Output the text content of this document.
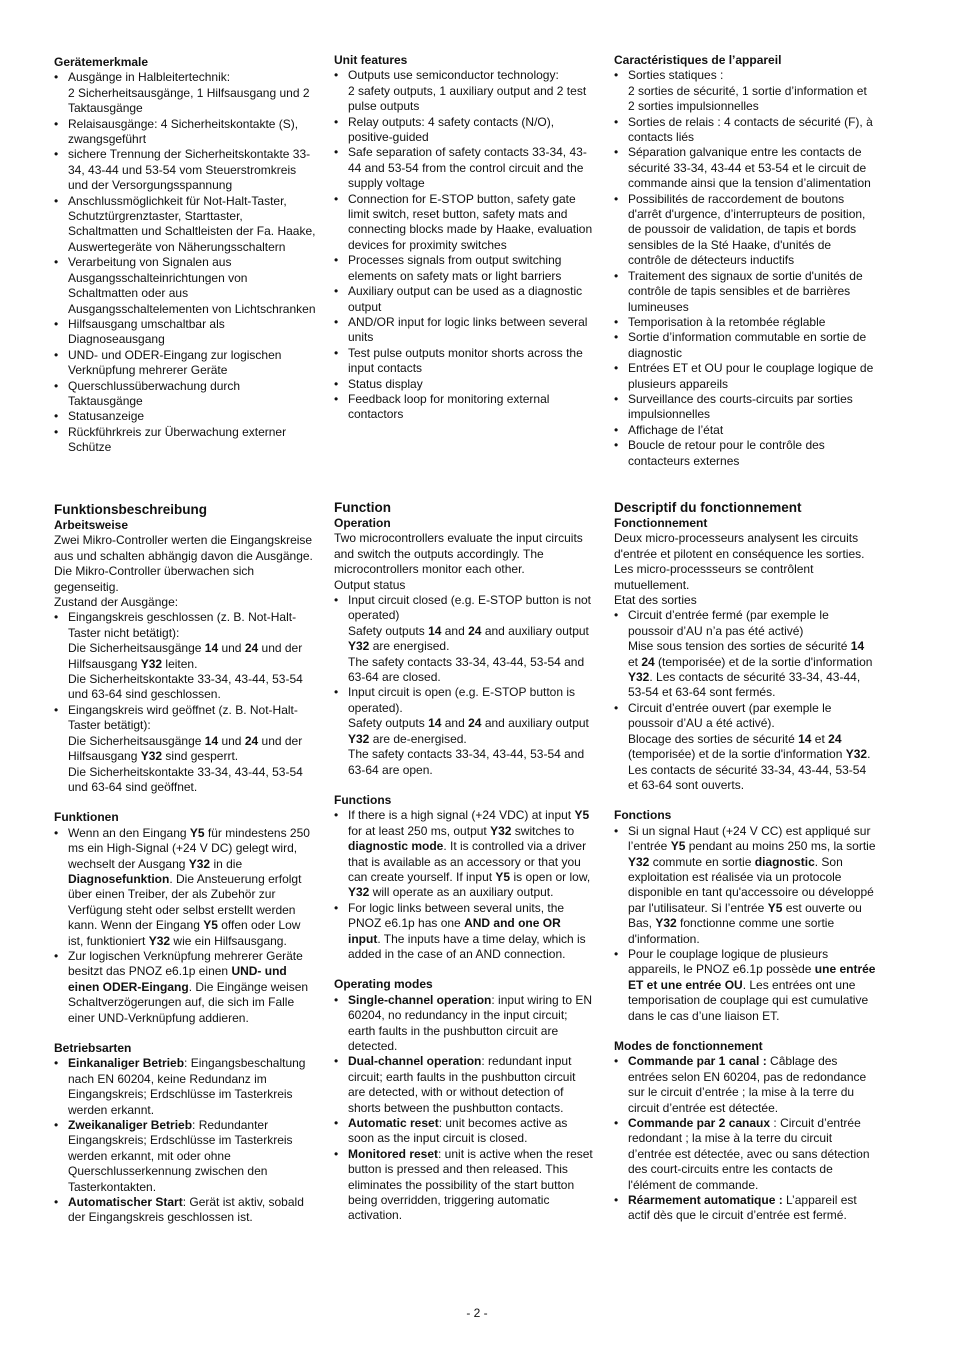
Gerätemerkmale

• Ausgänge in Halbleitertechnik:
2 Sicherheitsausgänge, 1 Hilfsausgang und 2 Taktausgänge
• Relaisausgänge: 4 Sicherheitskontakte (S), zwangsgeführt
• sichere Trennung der Sicherheitskontakte 33-34, 43-44 und 53-54 vom Steuerstromkreis und der Versorgungsspannung
• Anschlussmöglichkeit für Not-Halt-Taster, Schutztürgrenztaster, Starttaster, Schaltmatten und Schaltleisten der Fa. Haake, Auswertegeräte von Näherungsschaltern
• Verarbeitung von Signalen aus Ausgangsschalteinrichtungen von Schaltmatten oder aus Ausgangsschaltelementen von Lichtschranken
• Hilfsausgang umschaltbar als Diagnoseausgang
• UND- und ODER-Eingang zur logischen Verknüpfung mehrerer Geräte
• Querschlussüberwachung durch Taktausgänge
• Statusanzeige
• Rückführkreis zur Überwachung externer Schütze

Funktionsbeschreibung

Arbeitsweise

Zwei Mikro-Controller werten die Eingangskreise aus und schalten abhängig davon die Ausgänge. Die Mikro-Controller überwachen sich gegenseitig.

Zustand der Ausgänge:

• Eingangskreis geschlossen (z. B. Not-Halt-Taster nicht betätigt):
Die Sicherheitsausgänge 14 und 24 und der Hilfsausgang Y32 leiten.
Die Sicherheitskontakte 33-34, 43-44, 53-54 und 63-64 sind geschlossen.
• Eingangskreis wird geöffnet (z. B. Not-Halt-Taster betätigt):
Die Sicherheitsausgänge 14 und 24 und der Hilfsausgang Y32 sind gesperrt.
Die Sicherheitskontakte 33-34, 43-44, 53-54 und 63-64 sind geöffnet.

Funktionen

• Wenn an den Eingang Y5 für mindestens 250 ms ein High-Signal (+24 V DC) gelegt wird, wechselt der Ausgang Y32 in die Diagnosefunktion. Die Ansteuerung erfolgt über einen Treiber, der als Zubehör zur Verfügung steht oder selbst erstellt werden kann. Wenn der Eingang Y5 offen oder Low ist, funktioniert Y32 wie ein Hilfsausgang.
• Zur logischen Verknüpfung mehrerer Geräte besitzt das PNOZ e6.1p einen UND- und einen ODER-Eingang. Die Eingänge weisen Schaltverzögerungen auf, die sich im Falle einer UND-Verknüpfung addieren.

Betriebsarten

• Einkanaliger Betrieb: Eingangsbeschaltung nach EN 60204, keine Redundanz im Eingangskreis; Erdschlüsse im Tasterkreis werden erkannt.
• Zweikanaliger Betrieb: Redundanter Eingangskreis; Erdschlüsse im Tasterkreis werden erkannt, mit oder ohne Querschlusserkennung zwischen den Tasterkontakten.
• Automatischer Start: Gerät ist aktiv, sobald der Eingangskreis geschlossen ist.

Unit features

• Outputs use semiconductor technology:
2 safety outputs, 1 auxiliary output and 2 test pulse outputs
• Relay outputs: 4 safety contacts (N/O), positive-guided
• Safe separation of safety contacts 33-34, 43-44 and 53-54 from the control circuit and the supply voltage
• Connection for E-STOP button, safety gate limit switch, reset button, safety mats and connecting blocks made by Haake, evaluation devices for proximity switches
• Processes signals from output switching elements on safety mats or light barriers
• Auxiliary output can be used as a diagnostic output
• AND/OR input for logic links between several units
• Test pulse outputs monitor shorts across the input contacts
• Status display
• Feedback loop for monitoring external contactors

Function

Operation

Two microcontrollers evaluate the input circuits and switch the outputs accordingly. The microcontrollers monitor each other.

Output status

• Input circuit closed (e.g. E-STOP button is not operated)
Safety outputs 14 and 24 and auxiliary output Y32 are energised.
The safety contacts 33-34, 43-44, 53-54 and 63-64 are closed.
• Input circuit is open (e.g. E-STOP button is operated).
Safety outputs 14 and 24 and auxiliary output Y32 are de-energised.
The safety contacts 33-34, 43-44, 53-54 and 63-64 are open.

Functions

• If there is a high signal (+24 VDC) at input Y5 for at least 250 ms, output Y32 switches to diagnostic mode. It is controlled via a driver that is available as an accessory or that you can create yourself. If input Y5 is open or low, Y32 will operate as an auxiliary output.
• For logic links between several units, the PNOZ e6.1p has one AND and one OR input. The inputs have a time delay, which is added in the case of an AND connection.

Operating modes

• Single-channel operation: input wiring to EN 60204, no redundancy in the input circuit; earth faults in the pushbutton circuit are detected.
• Dual-channel operation: redundant input circuit; earth faults in the pushbutton circuit are detected, with or without detection of shorts between the pushbutton contacts.
• Automatic reset: unit becomes active as soon as the input circuit is closed.
• Monitored reset: unit is active when the reset button is pressed and then released. This eliminates the possibility of the start button being overridden, triggering automatic activation.

Caractéristiques de l’appareil

• Sorties statiques :
2 sorties de sécurité, 1 sortie d’information et 2 sorties impulsionnelles
• Sorties de relais : 4 contacts de sécurité (F), à contacts liés
• Séparation galvanique entre les contacts de sécurité 33-34, 43-44 et 53-54 et le circuit de commande ainsi que la tension d’alimentation
• Possibilités de raccordement de boutons d'arrêt d'urgence, d’interrupteurs de position, de poussoir de validation, de tapis et bords sensibles de la Sté Haake, d'unités de contrôle de détecteurs inductifs
• Traitement des signaux de sortie d'unités de contrôle de tapis sensibles et de barrières lumineuses
• Temporisation à la retombée réglable
• Sortie d’information commutable en sortie de diagnostic
• Entrées ET et OU pour le couplage logique de plusieurs appareils
• Surveillance des courts-circuits par sorties impulsionnelles
• Affichage de l’état
• Boucle de retour pour le contrôle des contacteurs externes

Descriptif du fonctionnement

Fonctionnement

Deux micro-processeurs analysent les circuits d'entrée et pilotent en conséquence les sorties. Les micro-processseurs se contrôlent mutuellement.

Etat des sorties

• Circuit d’entrée fermé (par exemple le poussoir d’AU n’a pas été activé)
Mise sous tension des sorties de sécurité 14 et 24 (temporisée) et de la sortie d'information Y32. Les contacts de sécurité 33-34, 43-44, 53-54 et 63-64 sont fermés.
• Circuit d’entrée ouvert (par exemple le poussoir d’AU a été activé).
Blocage des sorties de sécurité 14 et 24 (temporisée) et de la sortie d'information Y32. Les contacts de sécurité 33-34, 43-44, 53-54 et 63-64 sont ouverts.

Fonctions

• Si un signal Haut (+24 V CC) est appliqué sur l’entrée Y5 pendant au moins 250 ms, la sortie Y32 commute en sortie diagnostic. Son exploitation est réalisée via un protocole disponible en tant qu'accessoire ou développé par l'utilisateur. Si l’entrée Y5 est ouverte ou Bas, Y32 fonctionne comme une sortie d'information.
• Pour le couplage logique de plusieurs appareils, le PNOZ e6.1p possède une entrée ET et une entrée OU. Les entrées ont une temporisation de couplage qui est cumulative dans le cas d’une liaison ET.

Modes de fonctionnement

• Commande par 1 canal : Câblage des entrées selon EN 60204, pas de redondance sur le circuit d’entrée ; la mise à la terre du circuit d’entrée est détectée.
• Commande par 2 canaux : Circuit d’entrée redondant ; la mise à la terre du circuit d’entrée est détectée, avec ou sans détection des court-circuits entre les contacts de l'élément de commande.
• Réarmement automatique : L’appareil est actif dès que le circuit d’entrée est fermé.
- 2 -
